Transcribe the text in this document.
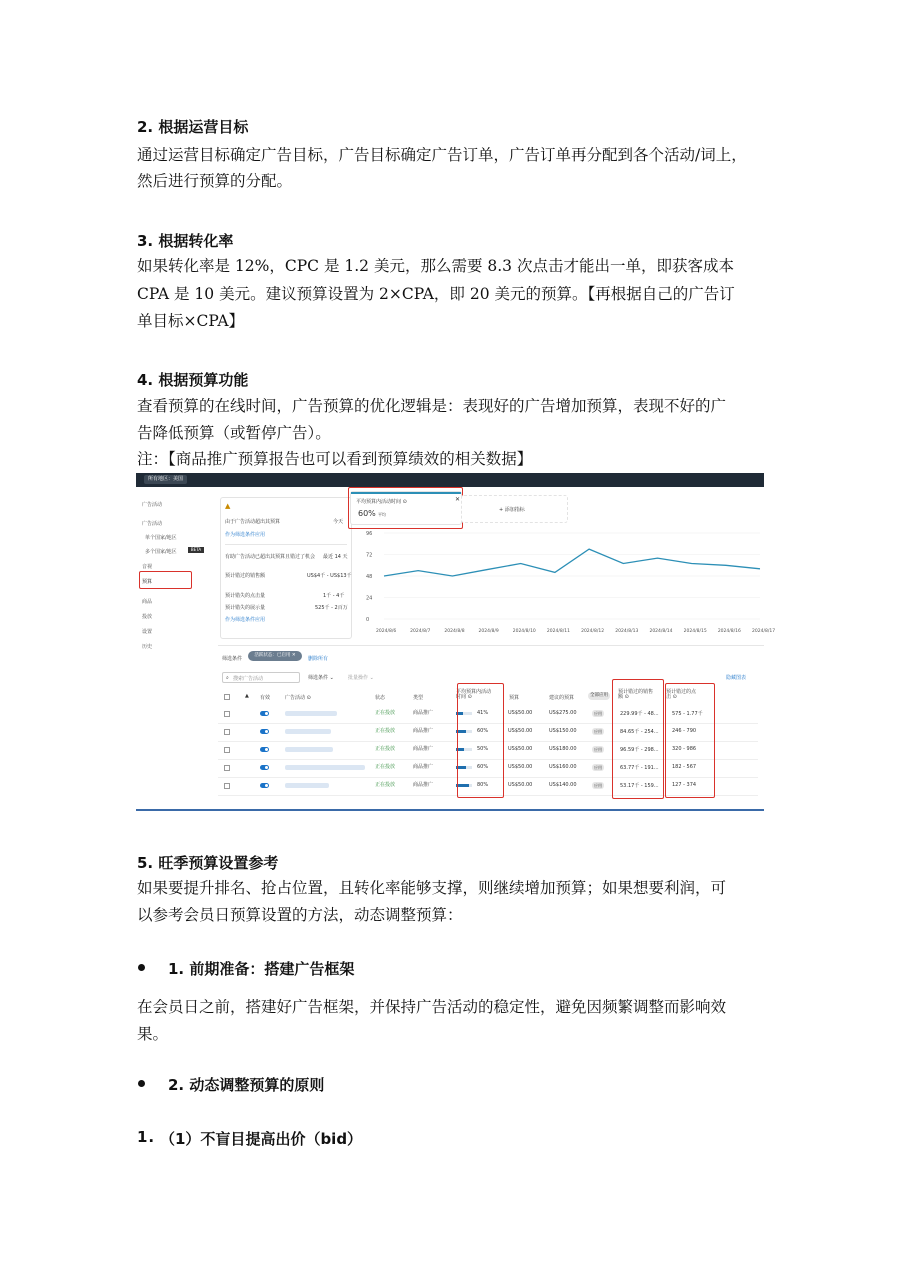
2. 根据运营目标
通过运营目标确定广告目标，广告目标确定广告订单，广告订单再分配到各个活动/词上，
然后进行预算的分配。
3. 根据转化率
如果转化率是 12%，CPC 是 1.2 美元，那么需要 8.3 次点击才能出一单，即获客成本
CPA 是 10 美元。建议预算设置为 2×CPA，即 20 美元的预算。【再根据自己的广告订
单目标×CPA】
4. 根据预算功能
查看预算的在线时间，广告预算的优化逻辑是：表现好的广告增加预算，表现不好的广
告降低预算（或暂停广告）。
注：【商品推广预算报告也可以看到预算绩效的相关数据】
所有地区：美国
广告活动
广告活动
单个国家/地区
多个国家/地区	BETA
音视
预算
商品
投放
设置
历史
▲
由于广告活动超出其预算	今天
作为筛选条件应用
有助广告活动已超出其预算且错过了机会 最近 14 天
预计错过的销售额	US$4千 - US$13千
预计错失的点击量	1千 - 4千
预计错失的展示量	525千 - 2百万
作为筛选条件应用
平均预算内活动时间 ⊙	✕
60% 平均
+ 添加指标
0
24
48
72
96
2024/8/6	2024/8/7	2024/8/8	2024/8/9	2024/8/10 2024/8/11 2024/8/12 2024/8/13 2024/8/14 2024/8/15 2024/8/16 2024/8/17
筛选条件
活跃状态：已启用 ✕
删除所有
⌕ 搜索广告活动	筛选条件 ⌄	批量操作 ⌄	隐藏图表
▲ 有效	广告活动 ⊙	状态	类型
平均预算内活动时间 ⊙	预算	建议的预算	全部应用
预计错过的销售额 ⊙
预计错过的点击 ⊙
正在投放	商品推广	41%	US$50.00	US$275.00	应用	229.99千 - 48...	575 - 1.77千
正在投放	商品推广	60%	US$50.00	US$150.00	应用	84.65千 - 254...	246 - 790
正在投放	商品推广	50%	US$50.00	US$180.00	应用	96.59千 - 298...	320 - 986
正在投放	商品推广	60%	US$50.00	US$160.00	应用	63.77千 - 191...	182 - 567
正在投放	商品推广	80%	US$50.00	US$140.00	应用	53.17千 - 159...	127 - 374
5. 旺季预算设置参考
如果要提升排名、抢占位置，且转化率能够支撑，则继续增加预算；如果想要利润，可
以参考会员日预算设置的方法，动态调整预算：
1. 前期准备：搭建广告框架
在会员日之前，搭建好广告框架，并保持广告活动的稳定性，避免因频繁调整而影响效
果。
2. 动态调整预算的原则
1. （1）不盲目提高出价（bid）
